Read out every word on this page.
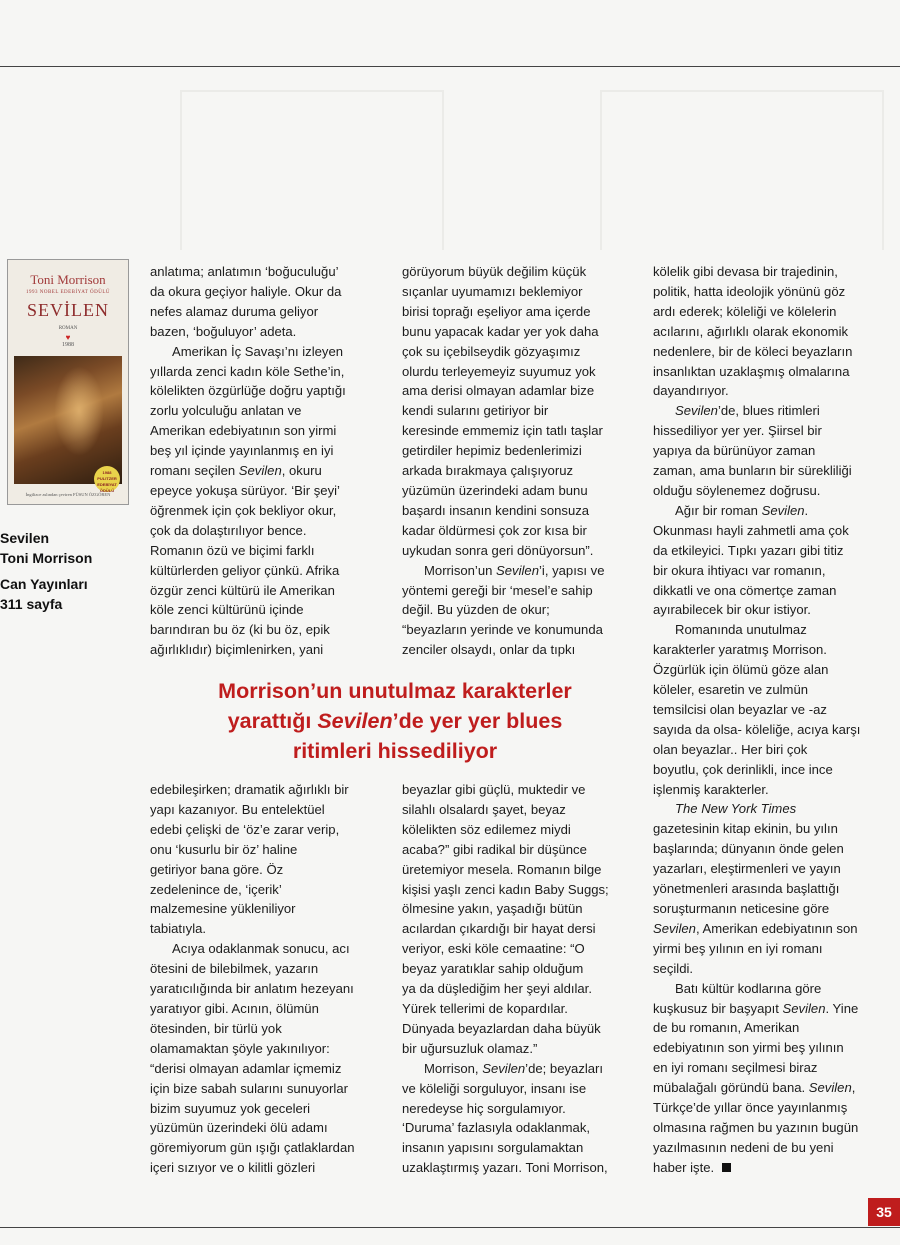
Toni Morrison
1993 NOBEL EDEBİYAT ÖDÜLÜ
SEVİLEN
ROMAN
♥
1988
1988 PULITZER EDEBİYAT ÖDÜLÜ
İngilizce aslından çeviren FÜSUN ÖZGÖREN
Sevilen
Toni Morrison
Can Yayınları
311 sayfa

anlatıma; anlatımın ‘boğuculuğu’

da okura geçiyor haliyle. Okur da

nefes alamaz duruma geliyor

bazen, ‘boğuluyor’ adeta.

Amerikan İç Savaşı’nı izleyen

yıllarda zenci kadın köle Sethe’in,

kölelikten özgürlüğe doğru yaptığı

zorlu yolculuğu anlatan ve

Amerikan edebiyatının son yirmi

beş yıl içinde yayınlanmış en iyi

romanı seçilen Sevilen, okuru

epeyce yokuşa sürüyor. ‘Bir şeyi’

öğrenmek için çok bekliyor okur,

çok da dolaştırılıyor bence.

Romanın özü ve biçimi farklı

kültürlerden geliyor çünkü. Afrika

özgür zenci kültürü ile Amerikan

köle zenci kültürünü içinde

barındıran bu öz (ki bu öz, epik

ağırlıklıdır) biçimlenirken, yani

görüyorum büyük değilim küçük

sıçanlar uyumamızı beklemiyor

birisi toprağı eşeliyor ama içerde

bunu yapacak kadar yer yok daha

çok su içebilseydik gözyaşımız

olurdu terleyemeyiz suyumuz yok

ama derisi olmayan adamlar bize

kendi sularını getiriyor bir

keresinde emmemiz için tatlı taşlar

getirdiler hepimiz bedenlerimizi

arkada bırakmaya çalışıyoruz

yüzümün üzerindeki adam bunu

başardı insanın kendini sonsuza

kadar öldürmesi çok zor kısa bir

uykudan sonra geri dönüyorsun”.

Morrison’un Sevilen’i, yapısı ve

yöntemi gereği bir ‘mesel’e sahip

değil. Bu yüzden de okur;

“beyazların yerinde ve konumunda

zenciler olsaydı, onlar da tıpkı

kölelik gibi devasa bir trajedinin,

politik, hatta ideolojik yönünü göz

ardı ederek; köleliği ve kölelerin

acılarını, ağırlıklı olarak ekonomik

nedenlere, bir de köleci beyazların

insanlıktan uzaklaşmış olmalarına

dayandırıyor.

Sevilen’de, blues ritimleri

hissediliyor yer yer. Şiirsel bir

yapıya da bürünüyor zaman

zaman, ama bunların bir sürekliliği

olduğu söylenemez doğrusu.

Ağır bir roman Sevilen.

Okunması hayli zahmetli ama çok

da etkileyici. Tıpkı yazarı gibi titiz

bir okura ihtiyacı var romanın,

dikkatli ve ona cömertçe zaman

ayırabilecek bir okur istiyor.

Romanında unutulmaz

karakterler yaratmış Morrison.

Özgürlük için ölümü göze alan

köleler, esaretin ve zulmün

temsilcisi olan beyazlar ve -az

sayıda da olsa- köleliğe, acıya karşı

olan beyazlar.. Her biri çok

boyutlu, çok derinlikli, ince ince

işlenmiş karakterler.

The New York Times

gazetesinin kitap ekinin, bu yılın

başlarında; dünyanın önde gelen

yazarları, eleştirmenleri ve yayın

yönetmenleri arasında başlattığı

soruşturmanın neticesine göre

Sevilen, Amerikan edebiyatının son

yirmi beş yılının en iyi romanı

seçildi.

Batı kültür kodlarına göre

kuşkusuz bir başyapıt Sevilen. Yine

de bu romanın, Amerikan

edebiyatının son yirmi beş yılının

en iyi romanı seçilmesi biraz

mübalağalı göründü bana. Sevilen,

Türkçe’de yıllar önce yayınlanmış

olmasına rağmen bu yazının bugün

yazılmasının nedeni de bu yeni

haber işte.

edebileşirken; dramatik ağırlıklı bir

yapı kazanıyor. Bu entelektüel

edebi çelişki de ‘öz’e zarar verip,

onu ‘kusurlu bir öz’ haline

getiriyor bana göre. Öz

zedelenince de, ‘içerik’

malzemesine yükleniliyor

tabiatıyla.

Acıya odaklanmak sonucu, acı

ötesini de bilebilmek, yazarın

yaratıcılığında bir anlatım hezeyanı

yaratıyor gibi. Acının, ölümün

ötesinden, bir türlü yok

olamamaktan şöyle yakınılıyor:

“derisi olmayan adamlar içmemiz

için bize sabah sularını sunuyorlar

bizim suyumuz yok geceleri

yüzümün üzerindeki ölü adamı

göremiyorum gün ışığı çatlaklardan

içeri sızıyor ve o kilitli gözleri

beyazlar gibi güçlü, muktedir ve

silahlı olsalardı şayet, beyaz

kölelikten söz edilemez miydi

acaba?” gibi radikal bir düşünce

üretemiyor mesela. Romanın bilge

kişisi yaşlı zenci kadın Baby Suggs;

ölmesine yakın, yaşadığı bütün

acılardan çıkardığı bir hayat dersi

veriyor, eski köle cemaatine: “O

beyaz yaratıklar sahip olduğum

ya da düşlediğim her şeyi aldılar.

Yürek tellerimi de kopardılar.

Dünyada beyazlardan daha büyük

bir uğursuzluk olamaz.”

Morrison, Sevilen’de; beyazları

ve köleliği sorguluyor, insanı ise

neredeyse hiç sorgulamıyor.

‘Duruma’ fazlasıyla odaklanmak,

insanın yapısını sorgulamaktan

uzaklaştırmış yazarı. Toni Morrison,

Morrison’un unutulmaz karakterler

yarattığı Sevilen’de yer yer blues

ritimleri hissediliyor

35
